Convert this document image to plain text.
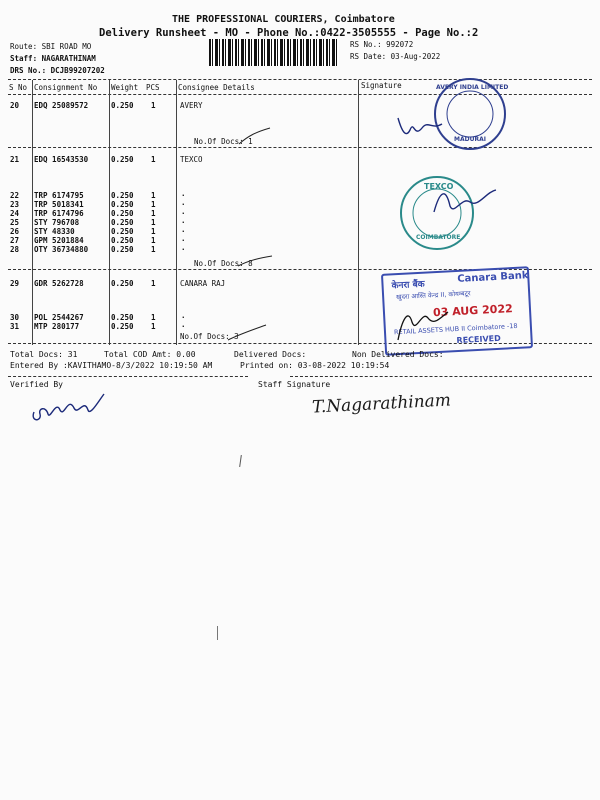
THE PROFESSIONAL COURIERS, Coimbatore
Delivery Runsheet - MO - Phone No.:0422-3505555 - Page No.:2
Route: SBI ROAD MO
Staff: NAGARATHINAM
DRS No.: DCJB99207202
RS No.: 992072
RS Date: 03-Aug-2022
S No Consignment No Weight PCS Consignee Details	Signature
20 EDQ 25089572	0.250 1	AVERY
21 EDQ 16543530	0.250 1	TEXCO
22 TRP 6174795	0.250 1	.
23 TRP 5018341	0.250 1	.
24 TRP 6174796	0.250 1	.
25 STY 796708	0.250 1	.
26 STY 48330	0.250 1	.
27 GPM 5201884	0.250 1	.
28 OTY 36734880	0.250 1	.
29 GDR 5262728	0.250 1	CANARA RAJ
30 POL 2544267	0.250 1	.
31 MTP 280177	0.250 1	.
No.Of Docs: 1
No.Of Docs: 8
No.Of Docs: 3
AVERY INDIA LIMITED
MADURAI
TEXCO
COIMBATORE
केनरा बैंक
Canara Bank
खुदरा आस्ति केन्द्र II, कोयम्बटूर
03 AUG 2022
RETAIL ASSETS HUB II Coimbatore -18
RECEIVED
Total Docs: 31	Total COD Amt: 0.00	Delivered Docs:	Non Delivered Docs:
Entered By :KAVITHAMO-8/3/2022 10:19:50 AM	Printed on: 03-08-2022 10:19:54
Verified By	Staff Signature
T.Nagarathinam
